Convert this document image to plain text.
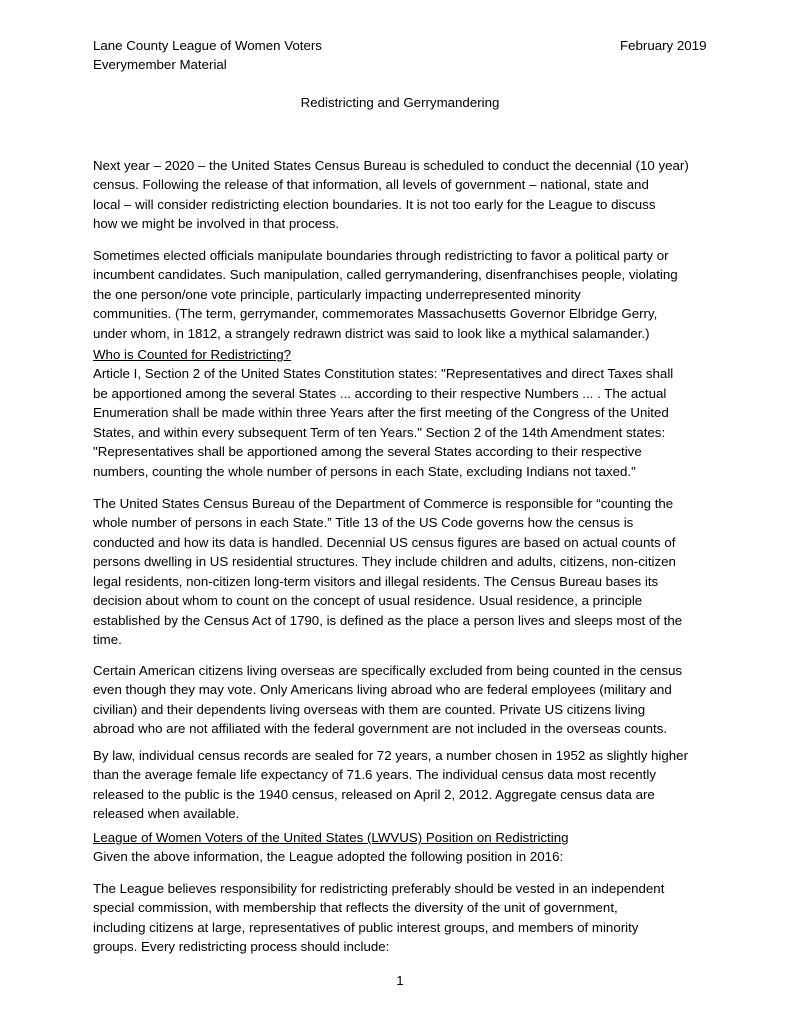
Lane County League of Women Voters
Everymember Material
February 2019
Redistricting and Gerrymandering
Next year – 2020 – the United States Census Bureau is scheduled to conduct the decennial (10 year)
census. Following the release of that information, all levels of government – national, state and
local – will consider redistricting election boundaries. It is not too early for the League to discuss
how we might be involved in that process.
Sometimes elected officials manipulate boundaries through redistricting to favor a political party or
incumbent candidates. Such manipulation, called gerrymandering, disenfranchises people, violating
the one person/one vote principle, particularly impacting underrepresented minority
communities. (The term, gerrymander, commemorates Massachusetts Governor Elbridge Gerry,
under whom, in 1812, a strangely redrawn district was said to look like a mythical salamander.)
Who is Counted for Redistricting?
Article I, Section 2 of the United States Constitution states: "Representatives and direct Taxes shall
be apportioned among the several States ... according to their respective Numbers ... . The actual
Enumeration shall be made within three Years after the first meeting of the Congress of the United
States, and within every subsequent Term of ten Years." Section 2 of the 14th Amendment states:
"Representatives shall be apportioned among the several States according to their respective
numbers, counting the whole number of persons in each State, excluding Indians not taxed."
The United States Census Bureau of the Department of Commerce is responsible for “counting the
whole number of persons in each State.” Title 13 of the US Code governs how the census is
conducted and how its data is handled. Decennial US census figures are based on actual counts of
persons dwelling in US residential structures. They include children and adults, citizens, non-citizen
legal residents, non-citizen long-term visitors and illegal residents. The Census Bureau bases its
decision about whom to count on the concept of usual residence. Usual residence, a principle
established by the Census Act of 1790, is defined as the place a person lives and sleeps most of the
time.
Certain American citizens living overseas are specifically excluded from being counted in the census
even though they may vote. Only Americans living abroad who are federal employees (military and
civilian) and their dependents living overseas with them are counted. Private US citizens living
abroad who are not affiliated with the federal government are not included in the overseas counts.
By law, individual census records are sealed for 72 years, a number chosen in 1952 as slightly higher
than the average female life expectancy of 71.6 years. The individual census data most recently
released to the public is the 1940 census, released on April 2, 2012. Aggregate census data are
released when available.
League of Women Voters of the United States (LWVUS) Position on Redistricting
Given the above information, the League adopted the following position in 2016:
The League believes responsibility for redistricting preferably should be vested in an independent
special commission, with membership that reflects the diversity of the unit of government,
including citizens at large, representatives of public interest groups, and members of minority
groups. Every redistricting process should include:
1
